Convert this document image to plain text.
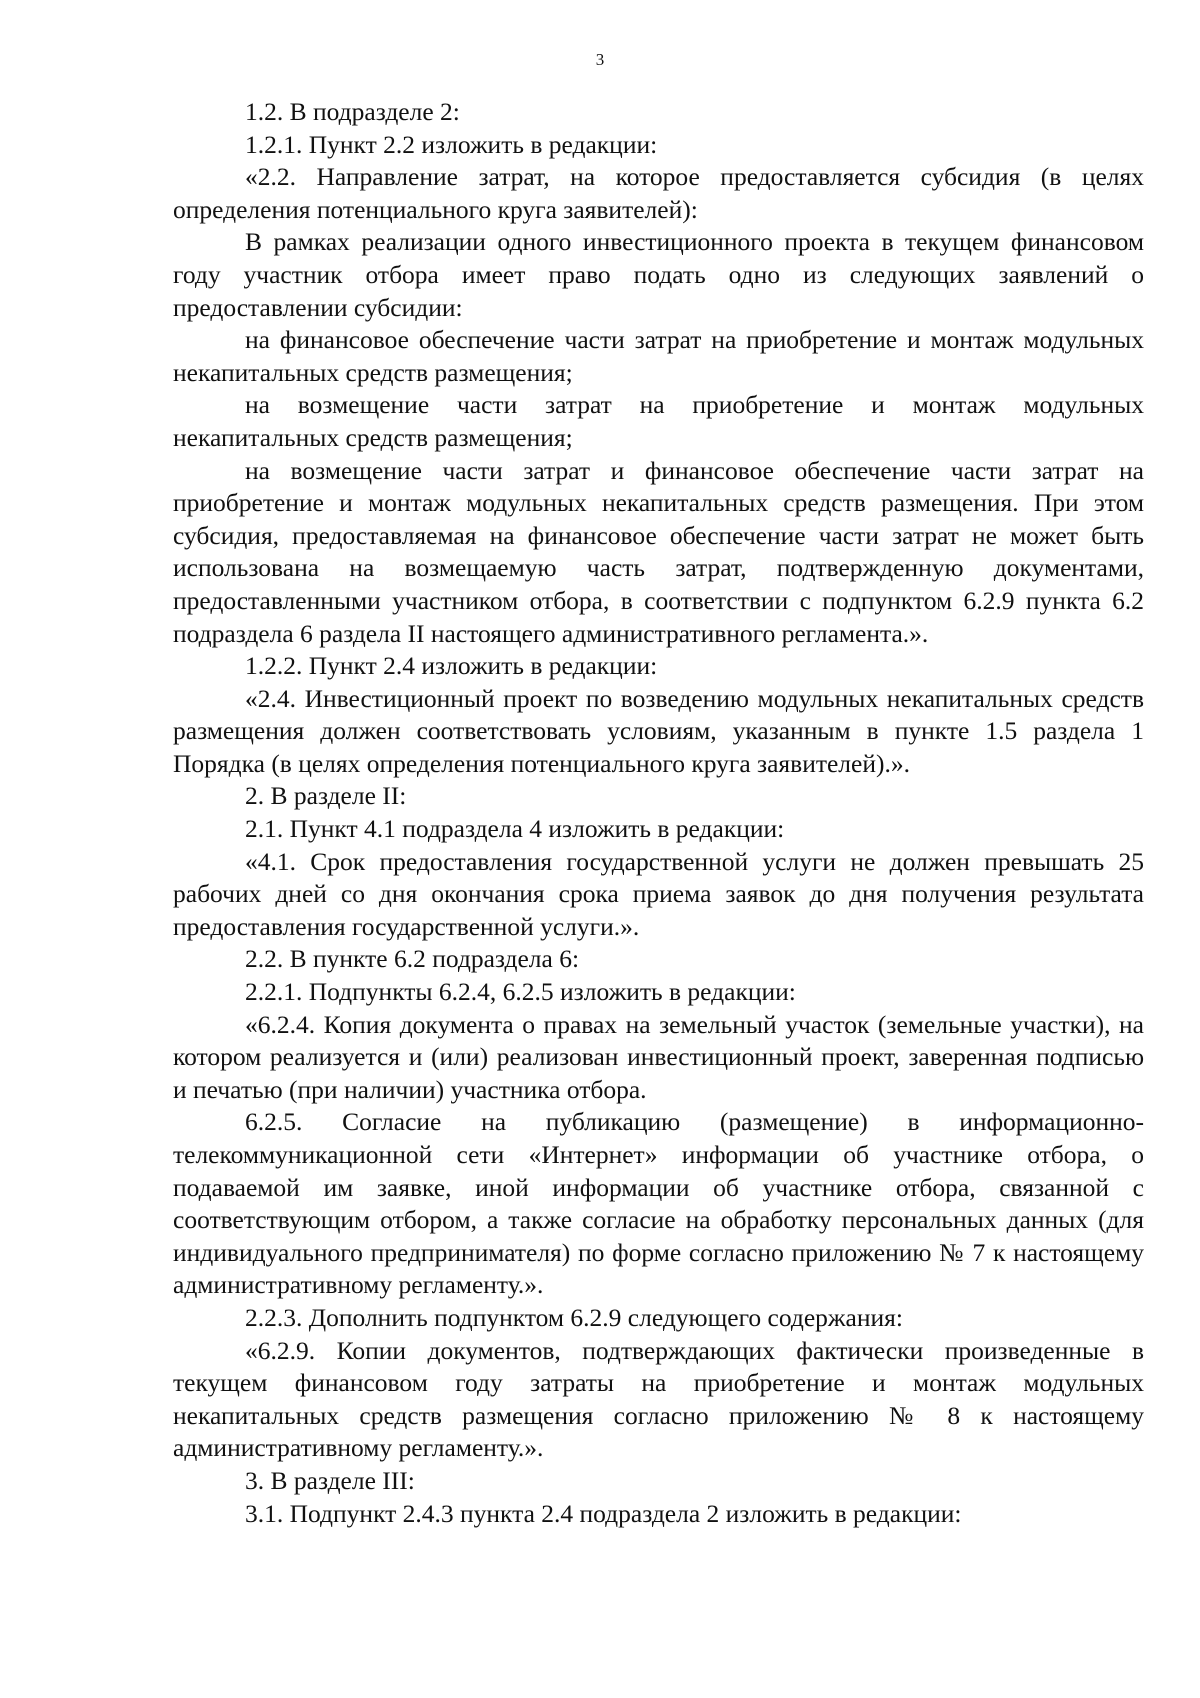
3

1.2. В подразделе 2:

1.2.1. Пункт 2.2 изложить в редакции:

«2.2. Направление затрат, на которое предоставляется субсидия (в целях определения потенциального круга заявителей):

В рамках реализации одного инвестиционного проекта в текущем финансовом году участник отбора имеет право подать одно из следующих заявлений о предоставлении субсидии:

на финансовое обеспечение части затрат на приобретение и монтаж модульных некапитальных средств размещения;

на возмещение части затрат на приобретение и монтаж модульных некапитальных средств размещения;

на возмещение части затрат и финансовое обеспечение части затрат на приобретение и монтаж модульных некапитальных средств размещения. При этом субсидия, предоставляемая на финансовое обеспечение части затрат не может быть использована на возмещаемую часть затрат, подтвержденную документами, предоставленными участником отбора, в соответствии с подпунктом 6.2.9 пункта 6.2 подраздела 6 раздела II настоящего административного регламента.».

1.2.2. Пункт 2.4 изложить в редакции:

«2.4. Инвестиционный проект по возведению модульных некапитальных средств размещения должен соответствовать условиям, указанным в пункте 1.5 раздела 1 Порядка (в целях определения потенциального круга заявителей).».

2. В разделе II:

2.1. Пункт 4.1 подраздела 4 изложить в редакции:

«4.1. Срок предоставления государственной услуги не должен превышать 25 рабочих дней со дня окончания срока приема заявок до дня получения результата предоставления государственной услуги.».

2.2. В пункте 6.2 подраздела 6:

2.2.1. Подпункты 6.2.4, 6.2.5 изложить в редакции:

«6.2.4. Копия документа о правах на земельный участок (земельные участки), на котором реализуется и (или) реализован инвестиционный проект, заверенная подписью и печатью (при наличии) участника отбора.

6.2.5. Согласие на публикацию (размещение) в информационно-телекоммуникационной сети «Интернет» информации об участнике отбора, о подаваемой им заявке, иной информации об участнике отбора, связанной с соответствующим отбором, а также согласие на обработку персональных данных (для индивидуального предпринимателя) по форме согласно приложению № 7 к настоящему административному регламенту.».

2.2.3. Дополнить подпунктом 6.2.9 следующего содержания:

«6.2.9. Копии документов, подтверждающих фактически произведенные в текущем финансовом году затраты на приобретение и монтаж модульных некапитальных средств размещения согласно приложению № 8 к настоящему административному регламенту.».

3. В разделе III:

3.1. Подпункт 2.4.3 пункта 2.4 подраздела 2 изложить в редакции:
